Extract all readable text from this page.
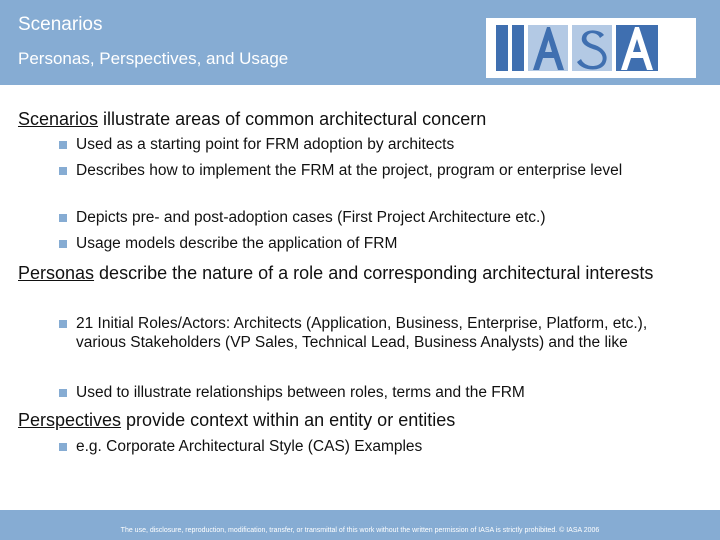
Scenarios
Personas, Perspectives, and Usage
Scenarios illustrate areas of common architectural concern
Used as a starting point for FRM adoption by architects
Describes how to implement the FRM at the project, program or enterprise level
Depicts pre- and post-adoption cases (First Project Architecture etc.)
Usage models describe the application of FRM
Personas describe the nature of a role and corresponding architectural interests
21 Initial Roles/Actors: Architects (Application, Business, Enterprise, Platform, etc.), various Stakeholders (VP Sales, Technical Lead, Business Analysts) and the like
Used to illustrate relationships between roles, terms and the FRM
Perspectives provide context within an entity or entities
e.g. Corporate Architectural Style (CAS) Examples
The use, disclosure, reproduction, modification, transfer, or transmittal of this work without the written permission of IASA is strictly prohibited. © IASA 2006
